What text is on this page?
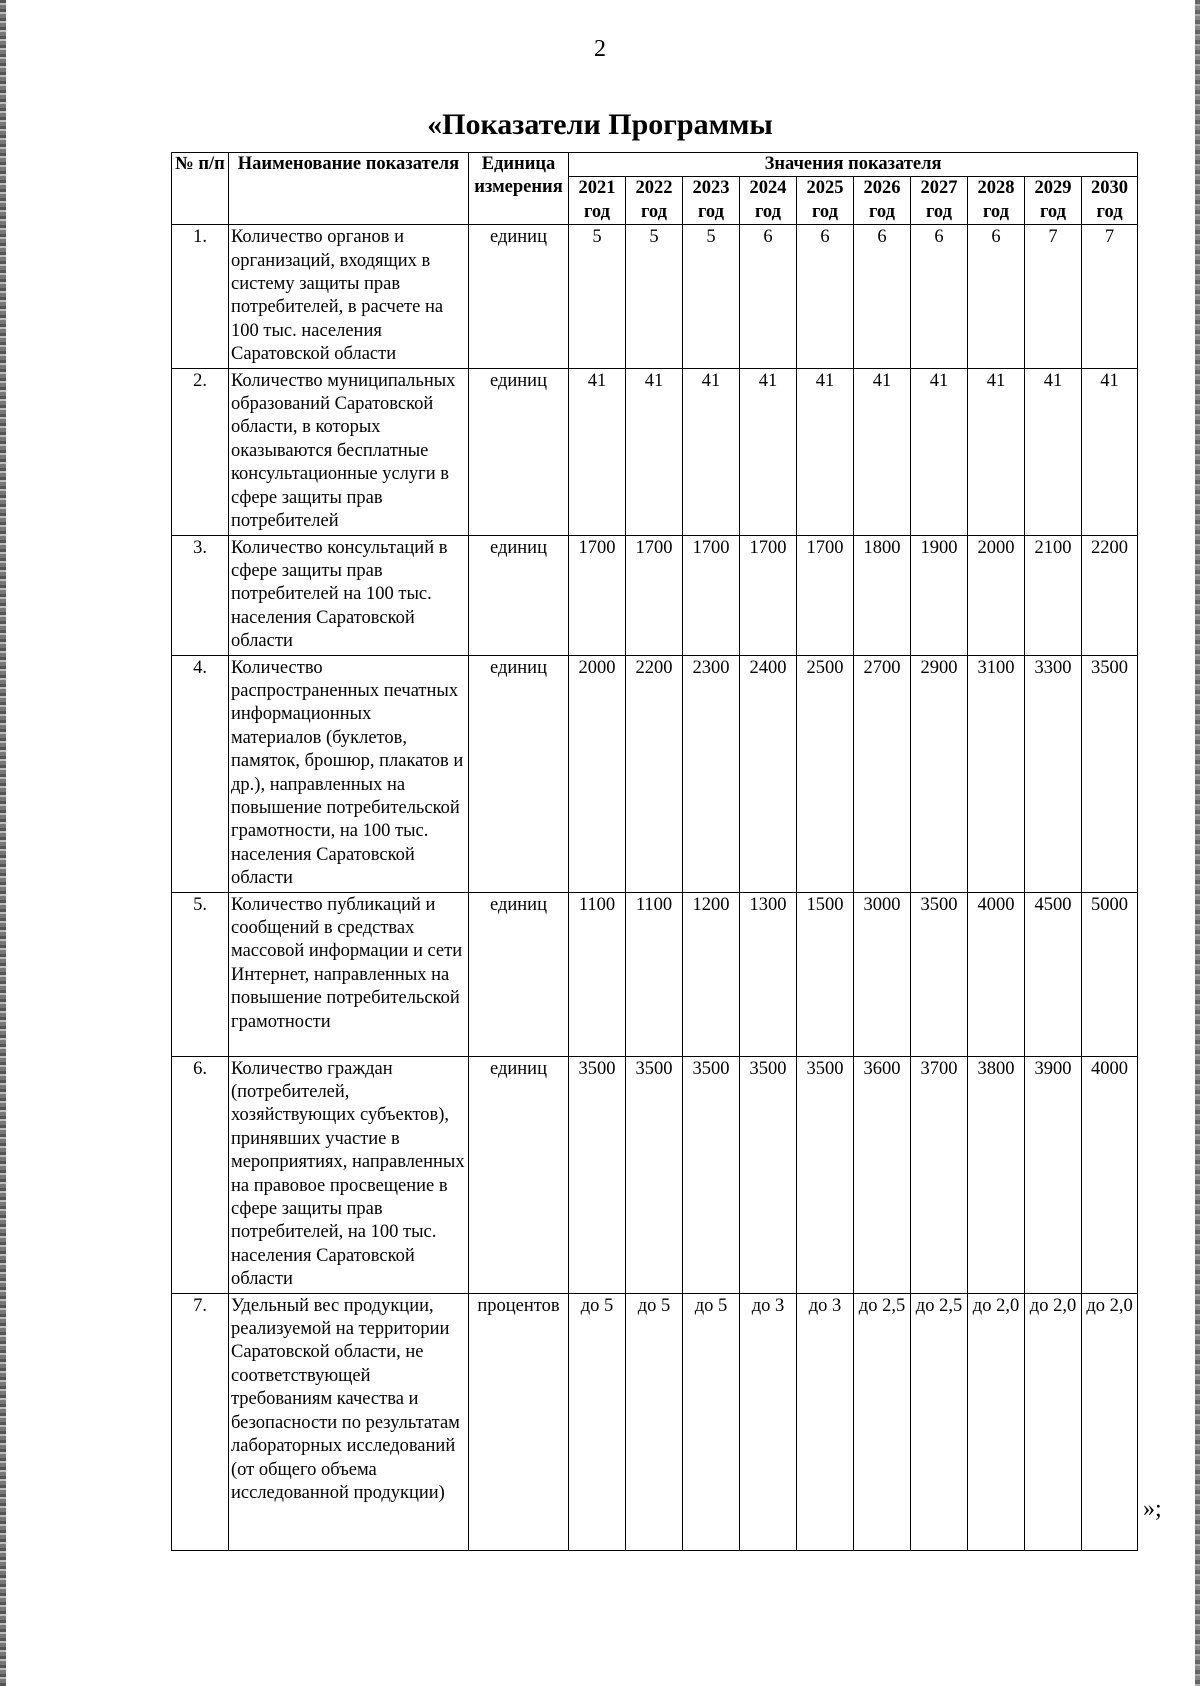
2
«Показатели Программы
№ п/п	Наименование показателя	Единица измерения	Значения показателя									
			2021 год	2022 год	2023 год	2024 год	2025 год	2026 год	2027 год	2028 год	2029 год	2030 год
1.	Количество органов и организаций, входящих в систему защиты прав потребителей, в расчете на 100 тыс. населения Саратовской области	единиц	5	5	5	6	6	6	6	6	7	7
2.	Количество муниципальных образований Саратовской области, в которых оказываются бесплатные консультационные услуги в сфере защиты прав потребителей	единиц	41	41	41	41	41	41	41	41	41	41
3.	Количество консультаций в сфере защиты прав потребителей на 100 тыс. населения Саратовской области	единиц	1700	1700	1700	1700	1700	1800	1900	2000	2100	2200
4.	Количество распространенных печатных информационных материалов (буклетов, памяток, брошюр, плакатов и др.), направленных на повышение потребительской грамотности, на 100 тыс. населения Саратовской области	единиц	2000	2200	2300	2400	2500	2700	2900	3100	3300	3500
5.	Количество публикаций и сообщений в средствах массовой информации и сети Интернет, направленных на повышение потребительской грамотности	единиц	1100	1100	1200	1300	1500	3000	3500	4000	4500	5000
6.	Количество граждан (потребителей, хозяйствующих субъектов), принявших участие в мероприятиях, направленных на правовое просвещение в сфере защиты прав потребителей, на 100 тыс. населения Саратовской области	единиц	3500	3500	3500	3500	3500	3600	3700	3800	3900	4000
7.	Удельный вес продукции, реализуемой на территории Саратовской области, не соответствующей требованиям качества и безопасности по результатам лабораторных исследований (от общего объема исследованной продукции)	процентов	до 5	до 5	до 5	до 3	до 3	до 2,5	до 2,5	до 2,0	до 2,0	до 2,0
»;
